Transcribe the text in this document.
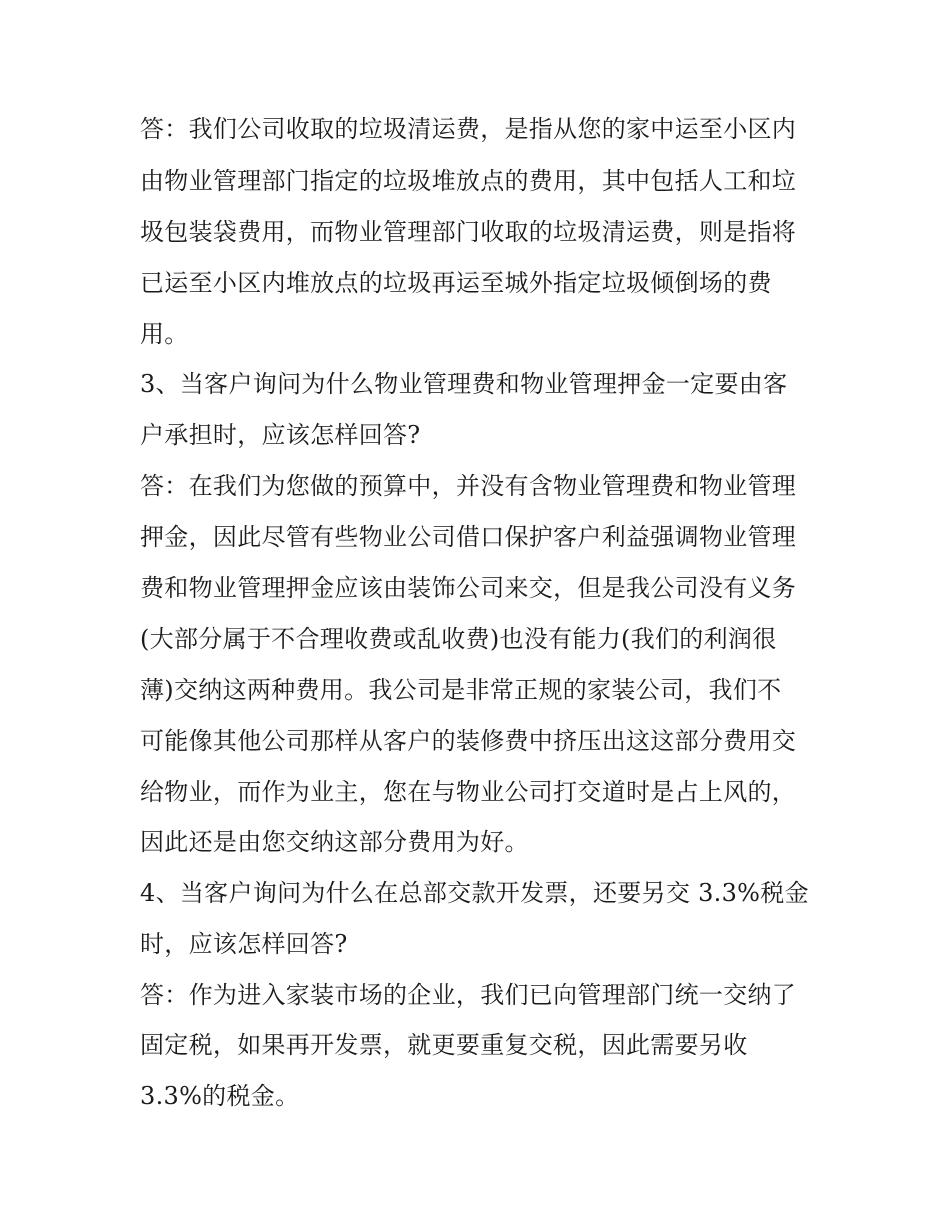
答：我们公司收取的垃圾清运费，是指从您的家中运至小区内

由物业管理部门指定的垃圾堆放点的费用，其中包括人工和垃

圾包装袋费用，而物业管理部门收取的垃圾清运费，则是指将

已运至小区内堆放点的垃圾再运至城外指定垃圾倾倒场的费

用。

3、当客户询问为什么物业管理费和物业管理押金一定要由客

户承担时，应该怎样回答?

答：在我们为您做的预算中，并没有含物业管理费和物业管理

押金，因此尽管有些物业公司借口保护客户利益强调物业管理

费和物业管理押金应该由装饰公司来交，但是我公司没有义务

(大部分属于不合理收费或乱收费)也没有能力(我们的利润很

薄)交纳这两种费用。我公司是非常正规的家装公司，我们不

可能像其他公司那样从客户的装修费中挤压出这这部分费用交

给物业，而作为业主，您在与物业公司打交道时是占上风的，

因此还是由您交纳这部分费用为好。

4、当客户询问为什么在总部交款开发票，还要另交 3.3%税金

时，应该怎样回答?

答：作为进入家装市场的企业，我们已向管理部门统一交纳了

固定税，如果再开发票，就更要重复交税，因此需要另收

3.3%的税金。
